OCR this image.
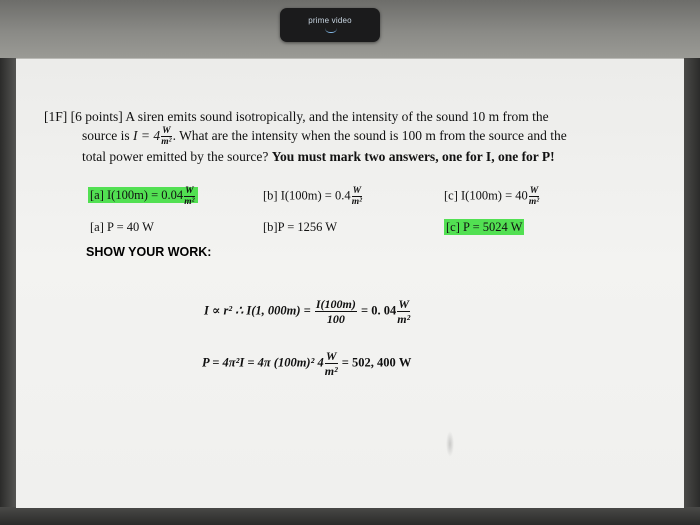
prime video
[1F] [6 points] A siren emits sound isotropically, and the intensity of the sound 10 m from the
source is $I = 4 \frac{W}{\text{m²}}$ . What are the intensity when the sound is 100 m from the source and the
total power emitted by the source? You must mark two answers, one for I, one for P!
[a] $I(100m) = 0.04 \frac{W}{\text{m²}}$	[b] $I(100m) = 0.4 \frac{W}{\text{m²}}$	[c] $I(100m) = 40 \frac{W}{\text{m²}}$
[a] P = 40 W	[b]P = 1256 W	[c] P = 5024 W
SHOW YOUR WORK:
I ∝ r² ∴ I(1, $000m) = \frac{I(100m)}{100} = 0$. $04 \frac{W}{\text{m²}}$
P = 4π²I = 4π (100m)² $4 \frac{W}{\text{m²}} = 502$, 400 W
